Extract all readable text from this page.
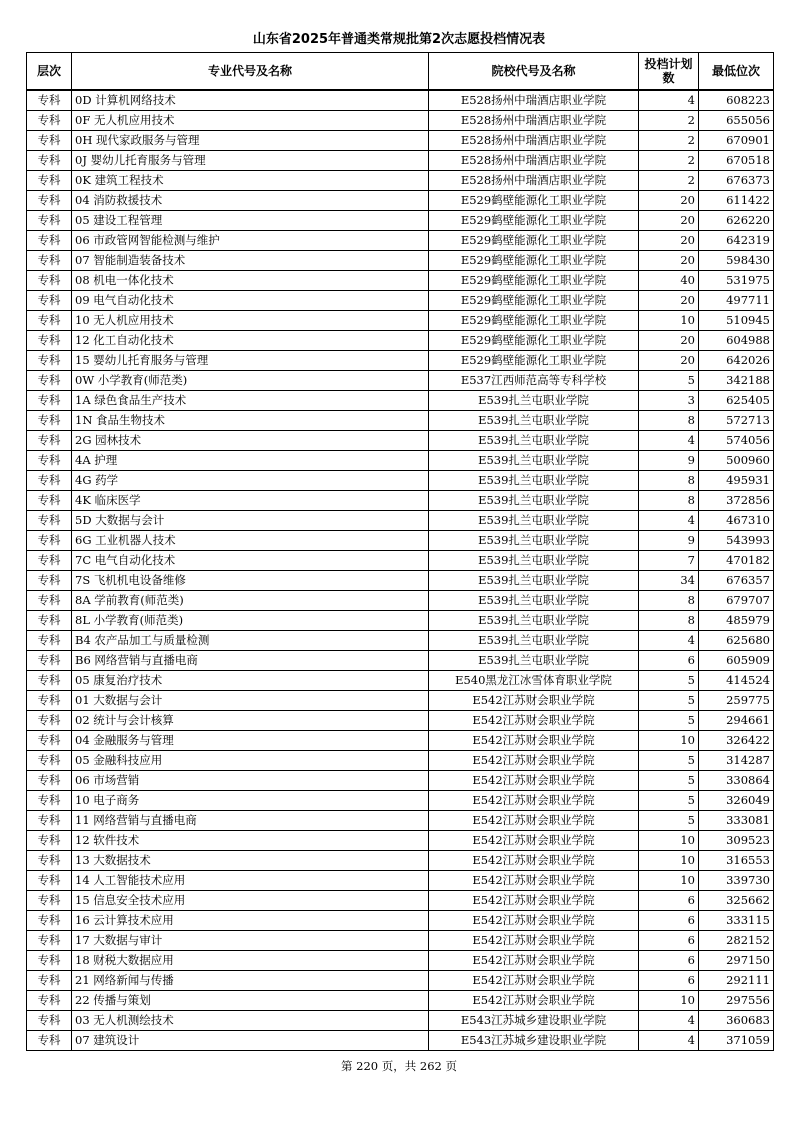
山东省2025年普通类常规批第2次志愿投档情况表
层次	专业代号及名称	院校代号及名称	投档计划数	最低位次
专科	0D 计算机网络技术	E528扬州中瑞酒店职业学院	4	608223
专科	0F 无人机应用技术	E528扬州中瑞酒店职业学院	2	655056
专科	0H 现代家政服务与管理	E528扬州中瑞酒店职业学院	2	670901
专科	0J 婴幼儿托育服务与管理	E528扬州中瑞酒店职业学院	2	670518
专科	0K 建筑工程技术	E528扬州中瑞酒店职业学院	2	676373
专科	04 消防救援技术	E529鹤壁能源化工职业学院	20	611422
专科	05 建设工程管理	E529鹤壁能源化工职业学院	20	626220
专科	06 市政管网智能检测与维护	E529鹤壁能源化工职业学院	20	642319
专科	07 智能制造装备技术	E529鹤壁能源化工职业学院	20	598430
专科	08 机电一体化技术	E529鹤壁能源化工职业学院	40	531975
专科	09 电气自动化技术	E529鹤壁能源化工职业学院	20	497711
专科	10 无人机应用技术	E529鹤壁能源化工职业学院	10	510945
专科	12 化工自动化技术	E529鹤壁能源化工职业学院	20	604988
专科	15 婴幼儿托育服务与管理	E529鹤壁能源化工职业学院	20	642026
专科	0W 小学教育(师范类)	E537江西师范高等专科学校	5	342188
专科	1A 绿色食品生产技术	E539扎兰屯职业学院	3	625405
专科	1N 食品生物技术	E539扎兰屯职业学院	8	572713
专科	2G 园林技术	E539扎兰屯职业学院	4	574056
专科	4A 护理	E539扎兰屯职业学院	9	500960
专科	4G 药学	E539扎兰屯职业学院	8	495931
专科	4K 临床医学	E539扎兰屯职业学院	8	372856
专科	5D 大数据与会计	E539扎兰屯职业学院	4	467310
专科	6G 工业机器人技术	E539扎兰屯职业学院	9	543993
专科	7C 电气自动化技术	E539扎兰屯职业学院	7	470182
专科	7S 飞机机电设备维修	E539扎兰屯职业学院	34	676357
专科	8A 学前教育(师范类)	E539扎兰屯职业学院	8	679707
专科	8L 小学教育(师范类)	E539扎兰屯职业学院	8	485979
专科	B4 农产品加工与质量检测	E539扎兰屯职业学院	4	625680
专科	B6 网络营销与直播电商	E539扎兰屯职业学院	6	605909
专科	05 康复治疗技术	E540黑龙江冰雪体育职业学院	5	414524
专科	01 大数据与会计	E542江苏财会职业学院	5	259775
专科	02 统计与会计核算	E542江苏财会职业学院	5	294661
专科	04 金融服务与管理	E542江苏财会职业学院	10	326422
专科	05 金融科技应用	E542江苏财会职业学院	5	314287
专科	06 市场营销	E542江苏财会职业学院	5	330864
专科	10 电子商务	E542江苏财会职业学院	5	326049
专科	11 网络营销与直播电商	E542江苏财会职业学院	5	333081
专科	12 软件技术	E542江苏财会职业学院	10	309523
专科	13 大数据技术	E542江苏财会职业学院	10	316553
专科	14 人工智能技术应用	E542江苏财会职业学院	10	339730
专科	15 信息安全技术应用	E542江苏财会职业学院	6	325662
专科	16 云计算技术应用	E542江苏财会职业学院	6	333115
专科	17 大数据与审计	E542江苏财会职业学院	6	282152
专科	18 财税大数据应用	E542江苏财会职业学院	6	297150
专科	21 网络新闻与传播	E542江苏财会职业学院	6	292111
专科	22 传播与策划	E542江苏财会职业学院	10	297556
专科	03 无人机测绘技术	E543江苏城乡建设职业学院	4	360683
专科	07 建筑设计	E543江苏城乡建设职业学院	4	371059
第 220 页，共 262 页
